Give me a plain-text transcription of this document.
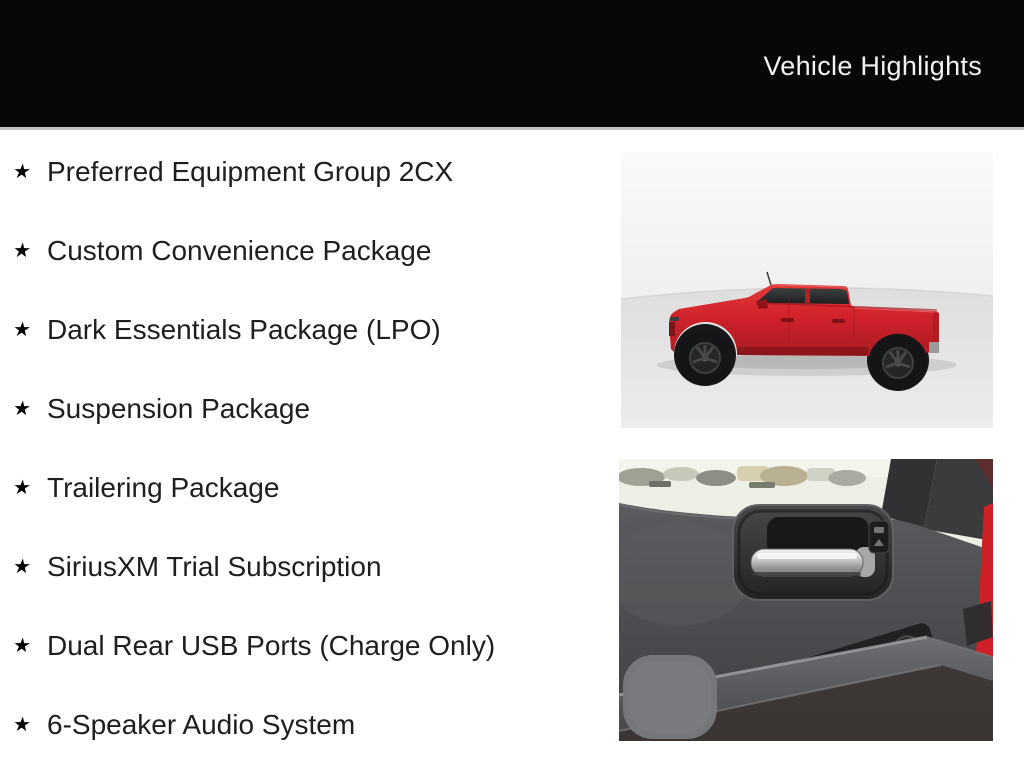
Vehicle Highlights
★ Preferred Equipment Group 2CX
★ Custom Convenience Package
★ Dark Essentials Package (LPO)
★ Suspension Package
★ Trailering Package
★ SiriusXM Trial Subscription
★ Dual Rear USB Ports (Charge Only)
★ 6-Speaker Audio System
